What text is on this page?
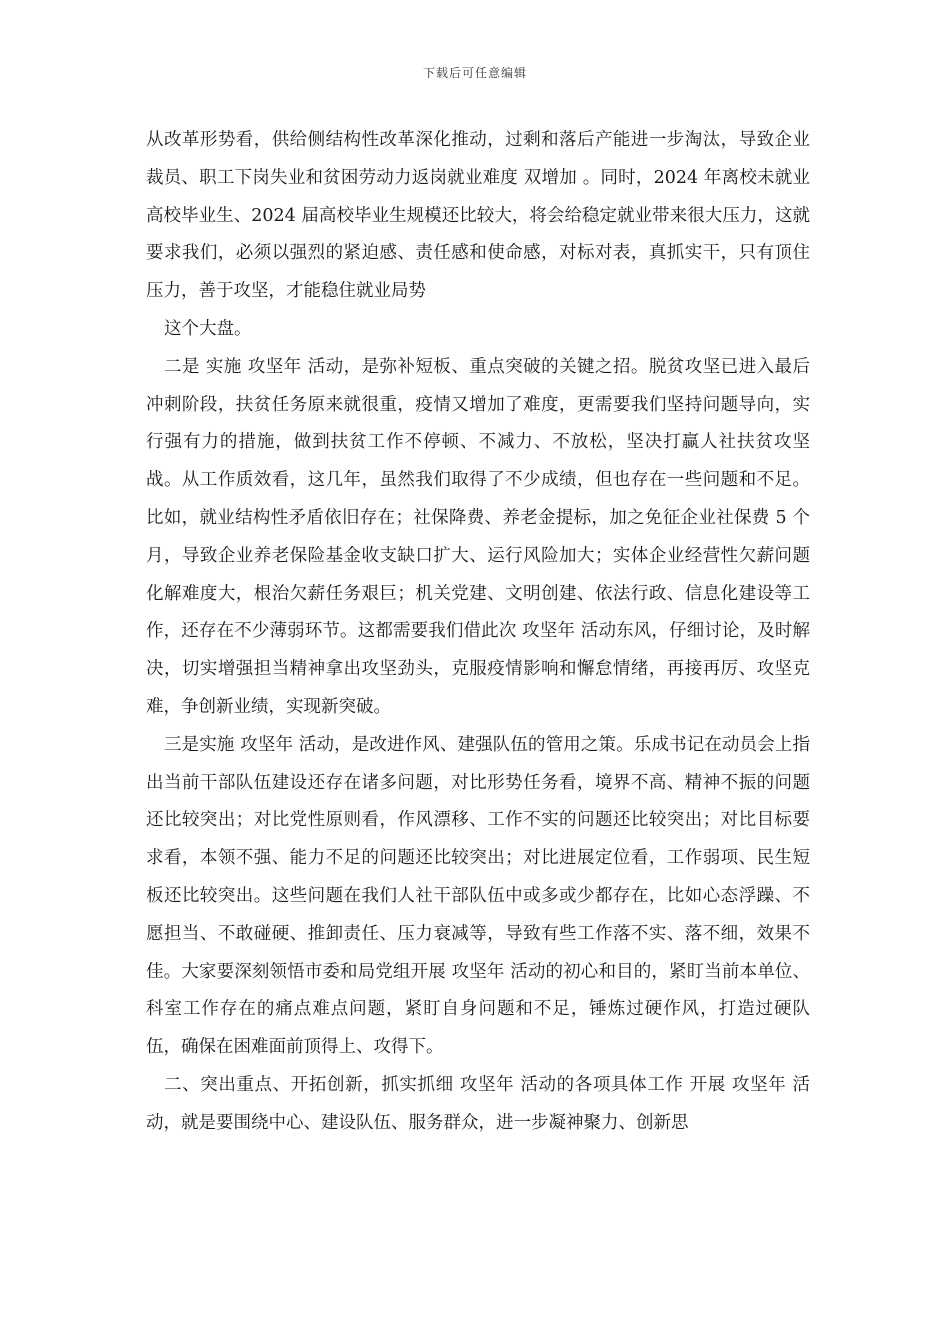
下载后可任意编辑

从改革形势看，供给侧结构性改革深化推动，过剩和落后产能进一步淘汰，导致企业裁员、职工下岗失业和贫困劳动力返岗就业难度 双增加 。同时，2024 年离校未就业高校毕业生、2024 届高校毕业生规模还比较大，将会给稳定就业带来很大压力，这就要求我们，必须以强烈的紧迫感、责任感和使命感，对标对表，真抓实干，只有顶住压力，善于攻坚，才能稳住就业局势

这个大盘。

二是 实施 攻坚年 活动，是弥补短板、重点突破的关键之招。脱贫攻坚已进入最后冲刺阶段，扶贫任务原来就很重，疫情又增加了难度，更需要我们坚持问题导向，实行强有力的措施，做到扶贫工作不停顿、不减力、不放松，坚决打赢人社扶贫攻坚战。从工作质效看，这几年，虽然我们取得了不少成绩，但也存在一些问题和不足。比如，就业结构性矛盾依旧存在；社保降费、养老金提标，加之免征企业社保费 5 个月，导致企业养老保险基金收支缺口扩大、运行风险加大；实体企业经营性欠薪问题化解难度大，根治欠薪任务艰巨；机关党建、文明创建、依法行政、信息化建设等工作，还存在不少薄弱环节。这都需要我们借此次 攻坚年 活动东风，仔细讨论，及时解决，切实增强担当精神拿出攻坚劲头，克服疫情影响和懈怠情绪，再接再厉、攻坚克难，争创新业绩，实现新突破。

三是实施 攻坚年 活动，是改进作风、建强队伍的管用之策。乐成书记在动员会上指出当前干部队伍建设还存在诸多问题，对比形势任务看，境界不高、精神不振的问题还比较突出；对比党性原则看，作风漂移、工作不实的问题还比较突出；对比目标要求看，本领不强、能力不足的问题还比较突出；对比进展定位看，工作弱项、民生短板还比较突出。这些问题在我们人社干部队伍中或多或少都存在，比如心态浮躁、不愿担当、不敢碰硬、推卸责任、压力衰减等，导致有些工作落不实、落不细，效果不佳。大家要深刻领悟市委和局党组开展 攻坚年 活动的初心和目的，紧盯当前本单位、科室工作存在的痛点难点问题，紧盯自身问题和不足，锤炼过硬作风，打造过硬队伍，确保在困难面前顶得上、攻得下。

二、突出重点、开拓创新，抓实抓细 攻坚年 活动的各项具体工作 开展 攻坚年 活动，就是要围绕中心、建设队伍、服务群众，进一步凝神聚力、创新思
